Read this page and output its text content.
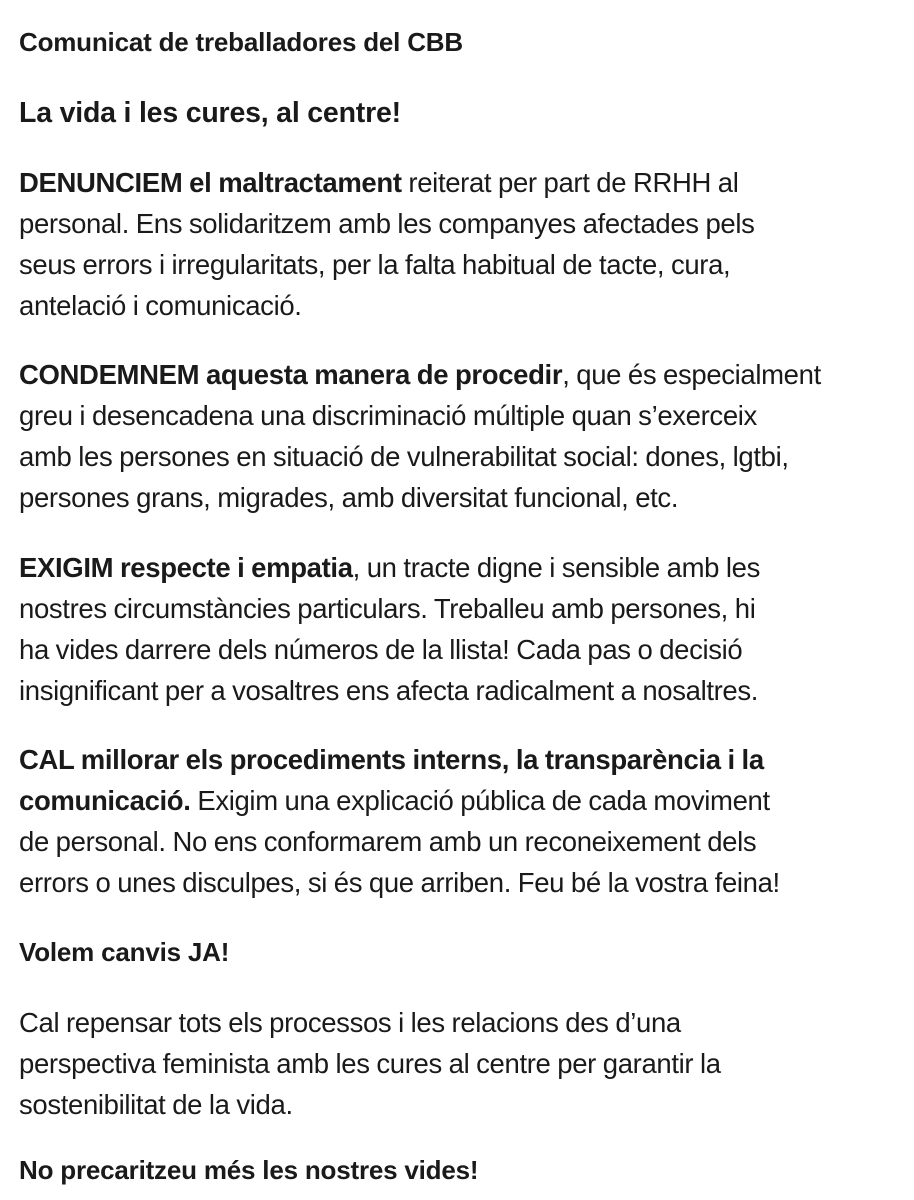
Comunicat de treballadores del CBB
La vida i les cures, al centre!

DENUNCIEM el maltractament reiterat per part de RRHH al
personal. Ens solidaritzem amb les companyes afectades pels
seus errors i irregularitats, per la falta habitual de tacte, cura,
antelació i comunicació.

CONDEMNEM aquesta manera de procedir, que és especialment
greu i desencadena una discriminació múltiple quan s’exerceix
amb les persones en situació de vulnerabilitat social: dones, lgtbi,
persones grans, migrades, amb diversitat funcional, etc.

EXIGIM respecte i empatia, un tracte digne i sensible amb les
nostres circumstàncies particulars. Treballeu amb persones, hi
ha vides darrere dels números de la llista! Cada pas o decisió
insignificant per a vosaltres ens afecta radicalment a nosaltres.

CAL millorar els procediments interns, la transparència i la
comunicació. Exigim una explicació pública de cada moviment
de personal. No ens conformarem amb un reconeixement dels
errors o unes disculpes, si és que arriben. Feu bé la vostra feina!

Volem canvis JA!

Cal repensar tots els processos i les relacions des d’una
perspectiva feminista amb les cures al centre per garantir la
sostenibilitat de la vida.

No precaritzeu més les nostres vides!
